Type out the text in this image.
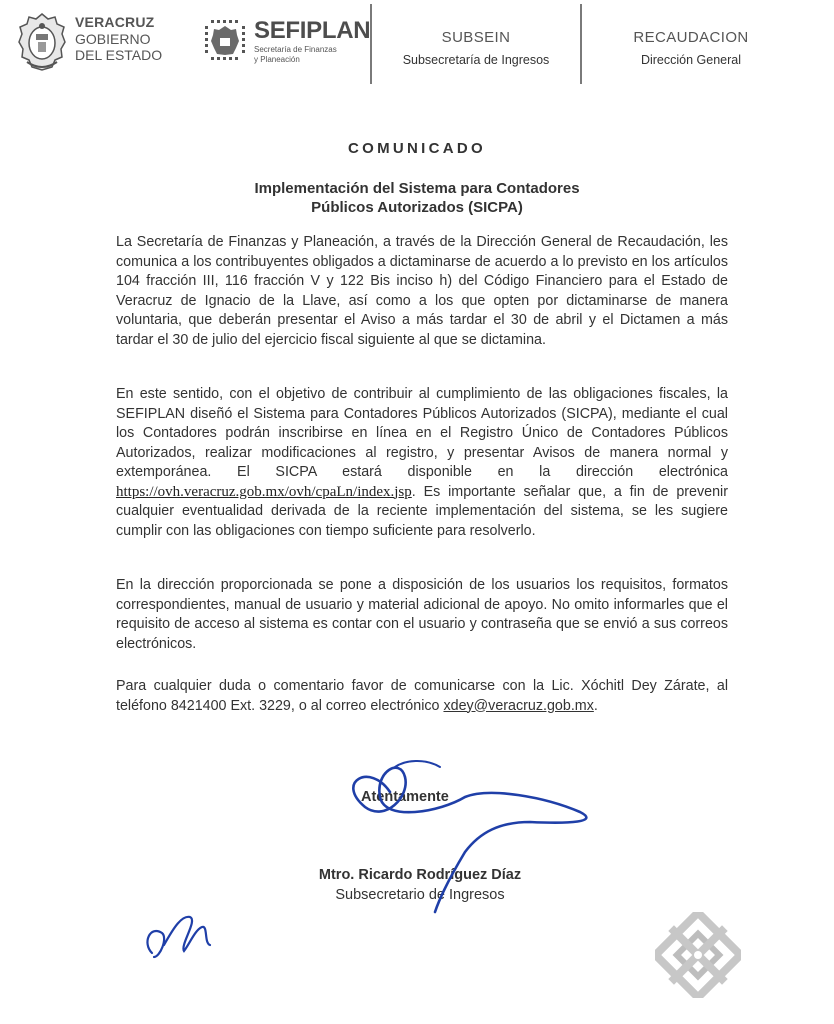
VERACRUZ
GOBIERNO
DEL ESTADO
SEFIPLAN
Secretaría de Finanzas
y Planeación
SUBSEIN
Subsecretaría de Ingresos
RECAUDACION
Dirección General
COMUNICADO
Implementación del Sistema para Contadores
Públicos Autorizados (SICPA)

La Secretaría de Finanzas y Planeación, a través de la Dirección General de Recaudación, les comunica a los contribuyentes obligados a dictaminarse de acuerdo a lo previsto en los artículos 104 fracción III, 116 fracción V y 122 Bis inciso h) del Código Financiero para el Estado de Veracruz de Ignacio de la Llave, así como a los que opten por dictaminarse de manera voluntaria, que deberán presentar el Aviso a más tardar el 30 de abril y el Dictamen a más tardar el 30 de julio del ejercicio fiscal siguiente al que se dictamina.

En este sentido, con el objetivo de contribuir al cumplimiento de las obligaciones fiscales, la SEFIPLAN diseñó el Sistema para Contadores Públicos Autorizados (SICPA), mediante el cual los Contadores podrán inscribirse en línea en el Registro Único de Contadores Públicos Autorizados, realizar modificaciones al registro, y presentar Avisos de manera normal y extemporánea. El SICPA estará disponible en la dirección electrónica https://ovh.veracruz.gob.mx/ovh/cpaLn/index.jsp. Es importante señalar que, a fin de prevenir cualquier eventualidad derivada de la reciente implementación del sistema, se les sugiere cumplir con las obligaciones con tiempo suficiente para resolverlo.

En la dirección proporcionada se pone a disposición de los usuarios los requisitos, formatos correspondientes, manual de usuario y material adicional de apoyo. No omito informarles que el requisito de acceso al sistema es contar con el usuario y contraseña que se envió a sus correos electrónicos.

Para cualquier duda o comentario favor de comunicarse con la Lic. Xóchitl Dey Zárate, al teléfono 8421400 Ext. 3229, o al correo electrónico xdey@veracruz.gob.mx.

Atentamente
Mtro. Ricardo Rodríguez Díaz
Subsecretario de Ingresos
